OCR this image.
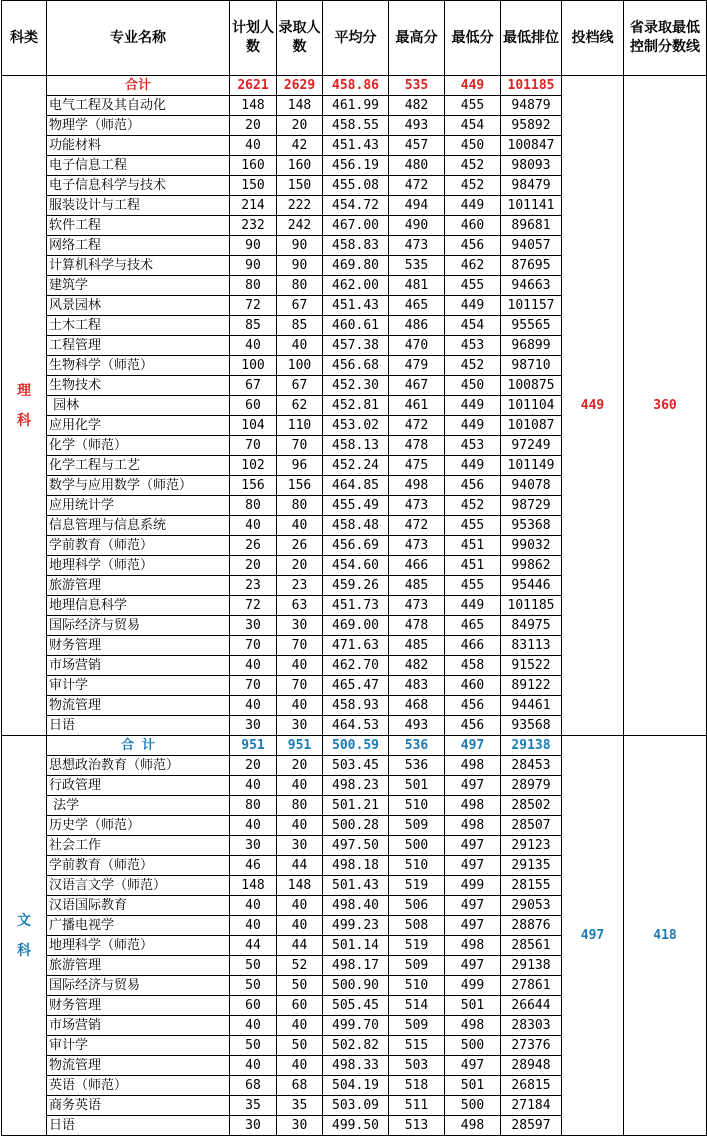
科类	专业名称	计划人数	录取人数	平均分	最高分	最低分	最低排位	投档线	省录取最低控制分数线

理
科	合计	2621	2629	458.86	535	449	101185	449	360
	电气工程及其自动化	148	148	461.99	482	455	94879		
	物理学（师范）	20	20	458.55	493	454	95892		
	功能材料	40	42	451.43	457	450	100847		
	电子信息工程	160	160	456.19	480	452	98093		
	电子信息科学与技术	150	150	455.08	472	452	98479		
	服装设计与工程	214	222	454.72	494	449	101141		
	软件工程	232	242	467.00	490	460	89681		
	网络工程	90	90	458.83	473	456	94057		
	计算机科学与技术	90	90	469.80	535	462	87695		
	建筑学	80	80	462.00	481	455	94663		
	风景园林	72	67	451.43	465	449	101157		
	土木工程	85	85	460.61	486	454	95565		
	工程管理	40	40	457.38	470	453	96899		
	生物科学（师范）	100	100	456.68	479	452	98710		
	生物技术	67	67	452.30	467	450	100875		
	园林	60	62	452.81	461	449	101104		
	应用化学	104	110	453.02	472	449	101087		
	化学（师范）	70	70	458.13	478	453	97249		
	化学工程与工艺	102	96	452.24	475	449	101149		
	数学与应用数学（师范）	156	156	464.85	498	456	94078		
	应用统计学	80	80	455.49	473	452	98729		
	信息管理与信息系统	40	40	458.48	472	455	95368		
	学前教育（师范）	26	26	456.69	473	451	99032		
	地理科学（师范）	20	20	454.60	466	451	99862		
	旅游管理	23	23	459.26	485	455	95446		
	地理信息科学	72	63	451.73	473	449	101185		
	国际经济与贸易	30	30	469.00	478	465	84975		
	财务管理	70	70	471.63	485	466	83113		
	市场营销	40	40	462.70	482	458	91522		
	审计学	70	70	465.47	483	460	89122		
	物流管理	40	40	458.93	468	456	94461		
	日语	30	30	464.53	493	456	93568		

文
科	合 计	951	951	500.59	536	497	29138	497	418
	思想政治教育（师范）	20	20	503.45	536	498	28453		
	行政管理	40	40	498.23	501	497	28979		
	法学	80	80	501.21	510	498	28502		
	历史学（师范）	40	40	500.28	509	498	28507		
	社会工作	30	30	497.50	500	497	29123		
	学前教育（师范）	46	44	498.18	510	497	29135		
	汉语言文学（师范）	148	148	501.43	519	499	28155		
	汉语国际教育	40	40	498.40	506	497	29053		
	广播电视学	40	40	499.23	508	497	28876		
	地理科学（师范）	44	44	501.14	519	498	28561		
	旅游管理	50	52	498.17	509	497	29138		
	国际经济与贸易	50	50	500.90	510	499	27861		
	财务管理	60	60	505.45	514	501	26644		
	市场营销	40	40	499.70	509	498	28303		
	审计学	50	50	502.82	515	500	27376		
	物流管理	40	40	498.33	503	497	28948		
	英语（师范）	68	68	504.19	518	501	26815		
	商务英语	35	35	503.09	511	500	27184		
	日语	30	30	499.50	513	498	28597		
